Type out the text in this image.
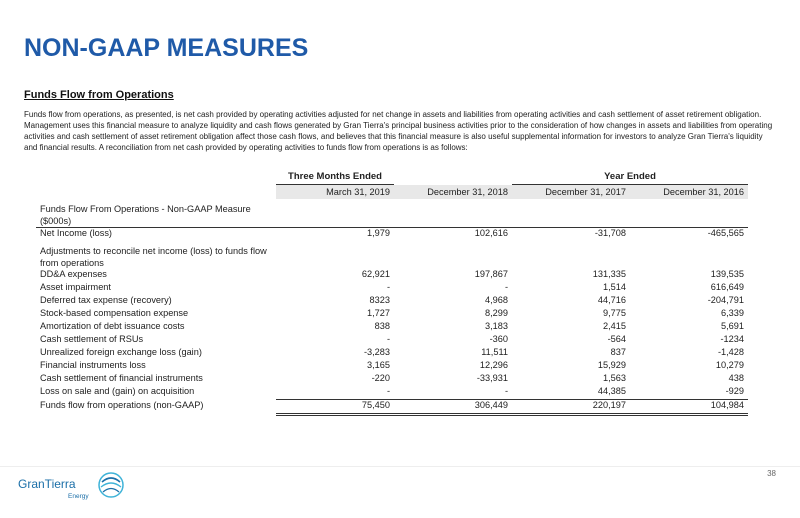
NON-GAAP MEASURES
Funds Flow from Operations
Funds flow from operations, as presented, is net cash provided by operating activities adjusted for net change in assets and liabilities from operating activities and cash settlement of asset retirement obligation. Management uses this financial measure to analyze liquidity and cash flows generated by Gran Tierra's principal business activities prior to the consideration of how changes in assets and liabilities from operating activities and cash settlement of asset retirement obligation affect those cash flows, and believes that this financial measure is also useful supplemental information for investors to analyze Gran Tierra's liquidity and financial results. A reconciliation from net cash provided by operating activities to funds flow from operations is as follows:
	Three Months Ended		Year Ended	
	March 31, 2019	December 31, 2018	December 31, 2017	December 31, 2016

Funds Flow From Operations - Non-GAAP Measure ($000s)				
Net Income (loss)	1,979	102,616	-31,708	-465,565

Adjustments to reconcile net income (loss) to funds flow from operations				
DD&A expenses	62,921	197,867	131,335	139,535
Asset impairment	-	-	1,514	616,649
Deferred tax expense (recovery)	8323	4,968	44,716	-204,791
Stock-based compensation expense	1,727	8,299	9,775	6,339
Amortization of debt issuance costs	838	3,183	2,415	5,691
Cash settlement of RSUs	-	-360	-564	-1234
Unrealized foreign exchange loss (gain)	-3,283	11,511	837	-1,428
Financial instruments loss	3,165	12,296	15,929	10,279
Cash settlement of financial instruments	-220	-33,931	1,563	438
Loss on sale and (gain) on acquisition	-	-	44,385	-929
Funds flow from operations (non-GAAP)	75,450	306,449	220,197	104,984
GranTierra
Energy
38
